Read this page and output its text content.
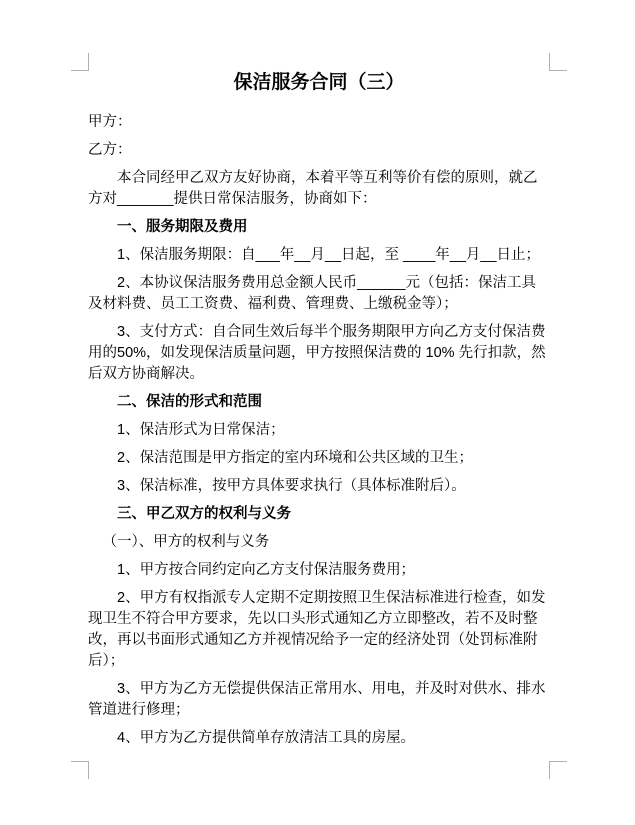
保洁服务合同（三）

甲方：

乙方：

本合同经甲乙双方友好协商，本着平等互利等价有偿的原则，就乙方对_______提供日常保洁服务，协商如下：

一、服务期限及费用

1、保洁服务期限：自___年__月__日起，至 ____年__月__日止；

2、本协议保洁服务费用总金额人民币______元（包括：保洁工具及材料费、员工工资费、福利费、管理费、上缴税金等）；

3、支付方式：自合同生效后每半个服务期限甲方向乙方支付保洁费用的50%，如发现保洁质量问题，甲方按照保洁费的 10% 先行扣款，然后双方协商解决。

二、保洁的形式和范围

1、保洁形式为日常保洁；

2、保洁范围是甲方指定的室内环境和公共区域的卫生；

3、保洁标准，按甲方具体要求执行（具体标准附后）。

三、甲乙双方的权利与义务

（一）、甲方的权利与义务

1、甲方按合同约定向乙方支付保洁服务费用；

2、甲方有权指派专人定期不定期按照卫生保洁标准进行检查，如发现卫生不符合甲方要求，先以口头形式通知乙方立即整改，若不及时整改，再以书面形式通知乙方并视情况给予一定的经济处罚（处罚标准附后）；

3、甲方为乙方无偿提供保洁正常用水、用电，并及时对供水、排水管道进行修理；

4、甲方为乙方提供简单存放清洁工具的房屋。
